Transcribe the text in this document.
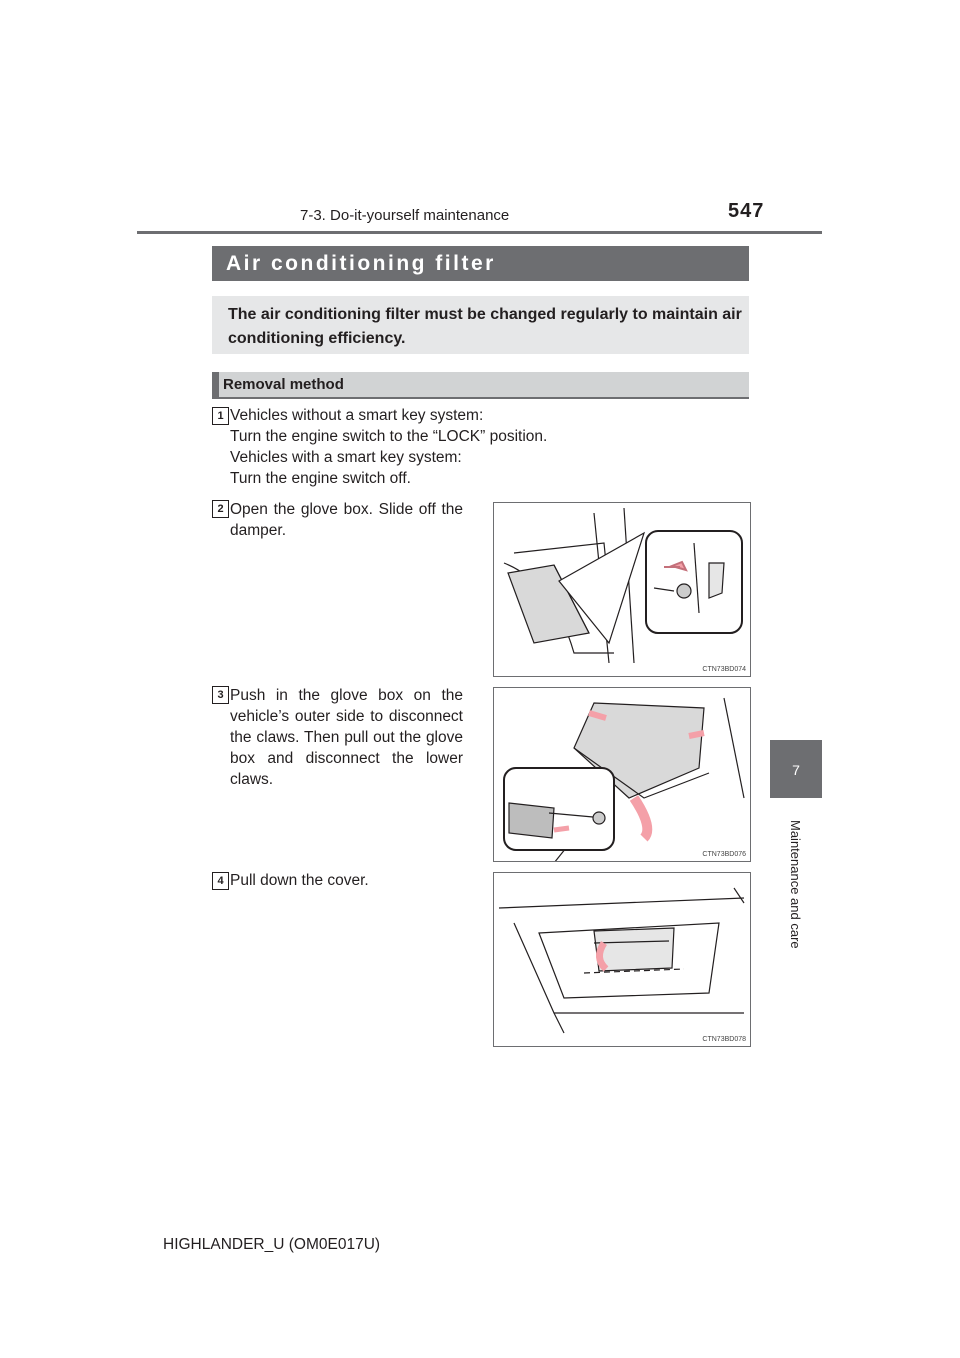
7-3. Do-it-yourself maintenance	547
7
Maintenance and care
Air conditioning filter
The air conditioning filter must be changed regularly to maintain air conditioning efficiency.
Removal method
1 Vehicles without a smart key system:
Turn the engine switch to the “LOCK” position.
Vehicles with a smart key system:
Turn the engine switch off.
2 Open the glove box. Slide off the damper.
CTN73BD074
3 Push in the glove box on the vehicle’s outer side to disconnect the claws. Then pull out the glove box and disconnect the lower claws.
CTN73BD076
4 Pull down the cover.
CTN73BD078
HIGHLANDER_U (OM0E017U)
